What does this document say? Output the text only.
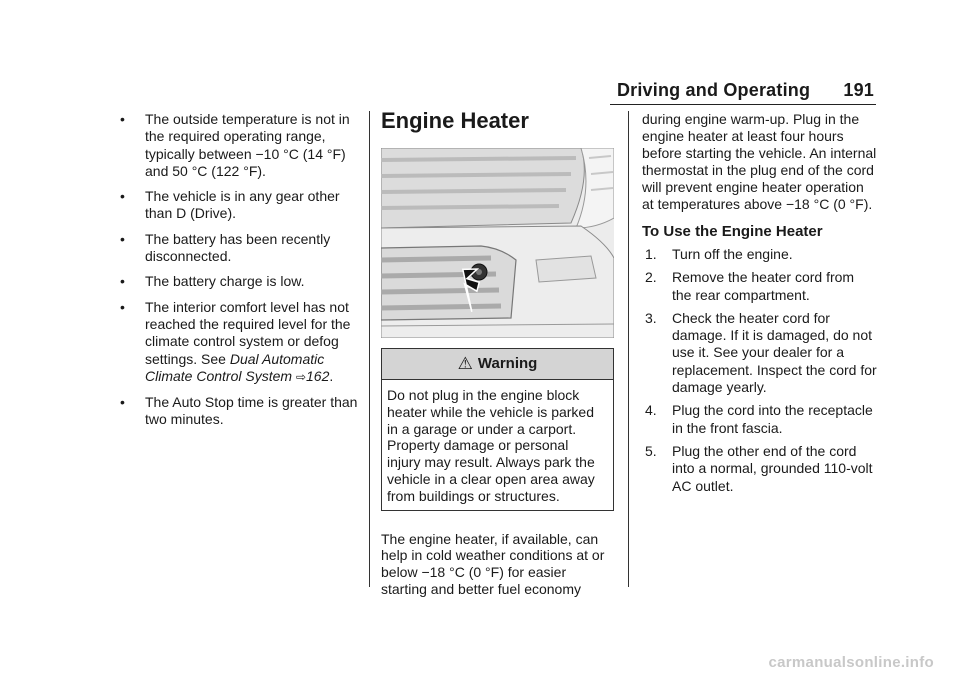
Driving and Operating 191
• The outside temperature is not in the required operating range, typically between −10 °C (14 °F) and 50 °C (122 °F).
• The vehicle is in any gear other than D (Drive).
• The battery has been recently disconnected.
• The battery charge is low.
• The interior comfort level has not reached the required level for the climate control system or defog settings. See Dual Automatic Climate Control System ⇨162.
• The Auto Stop time is greater than two minutes.
Engine Heater
⚠ Warning
Do not plug in the engine block heater while the vehicle is parked in a garage or under a carport. Property damage or personal injury may result. Always park the vehicle in a clear open area away from buildings or structures.
The engine heater, if available, can help in cold weather conditions at or below −18 °C (0 °F) for easier starting and better fuel economy
during engine warm-up. Plug in the engine heater at least four hours before starting the vehicle. An internal thermostat in the plug end of the cord will prevent engine heater operation at temperatures above −18 °C (0 °F).
To Use the Engine Heater
1. Turn off the engine.
2. Remove the heater cord from the rear compartment.
3. Check the heater cord for damage. If it is damaged, do not use it. See your dealer for a replacement. Inspect the cord for damage yearly.
4. Plug the cord into the receptacle in the front fascia.
5. Plug the other end of the cord into a normal, grounded 110-volt AC outlet.
carmanualsonline.info
